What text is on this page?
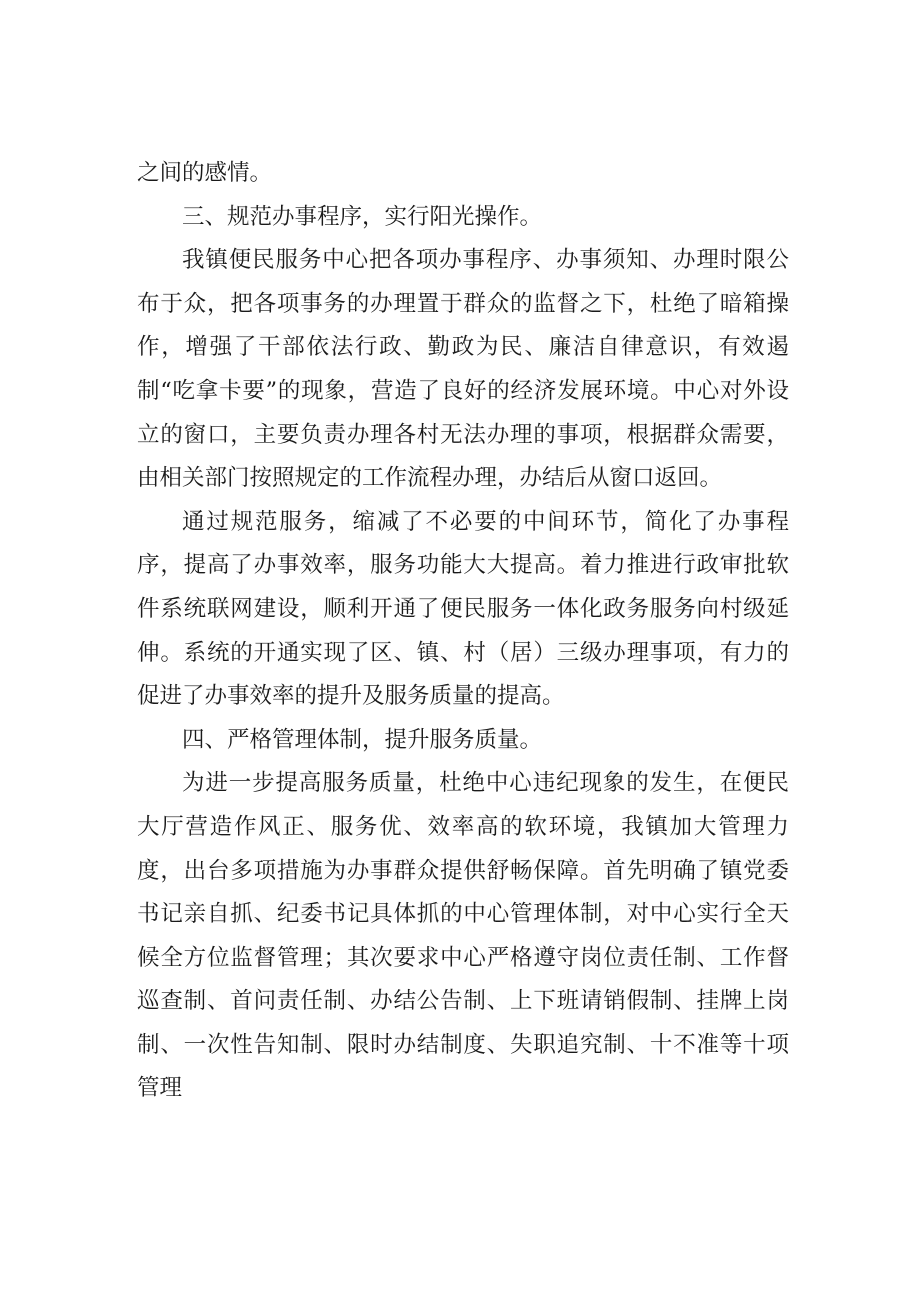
之间的感情。

三、规范办事程序，实行阳光操作。

我镇便民服务中心把各项办事程序、办事须知、办理时限公布于众，把各项事务的办理置于群众的监督之下，杜绝了暗箱操作，增强了干部依法行政、勤政为民、廉洁自律意识，有效遏制“吃拿卡要”的现象，营造了良好的经济发展环境。中心对外设立的窗口，主要负责办理各村无法办理的事项，根据群众需要，由相关部门按照规定的工作流程办理，办结后从窗口返回。

通过规范服务，缩减了不必要的中间环节，简化了办事程序，提高了办事效率，服务功能大大提高。着力推进行政审批软件系统联网建设，顺利开通了便民服务一体化政务服务向村级延伸。系统的开通实现了区、镇、村（居）三级办理事项，有力的促进了办事效率的提升及服务质量的提高。

四、严格管理体制，提升服务质量。

为进一步提高服务质量，杜绝中心违纪现象的发生，在便民大厅营造作风正、服务优、效率高的软环境，我镇加大管理力度，出台多项措施为办事群众提供舒畅保障。首先明确了镇党委书记亲自抓、纪委书记具体抓的中心管理体制，对中心实行全天候全方位监督管理；其次要求中心严格遵守岗位责任制、工作督巡查制、首问责任制、办结公告制、上下班请销假制、挂牌上岗制、一次性告知制、限时办结制度、失职追究制、十不准等十项管理
